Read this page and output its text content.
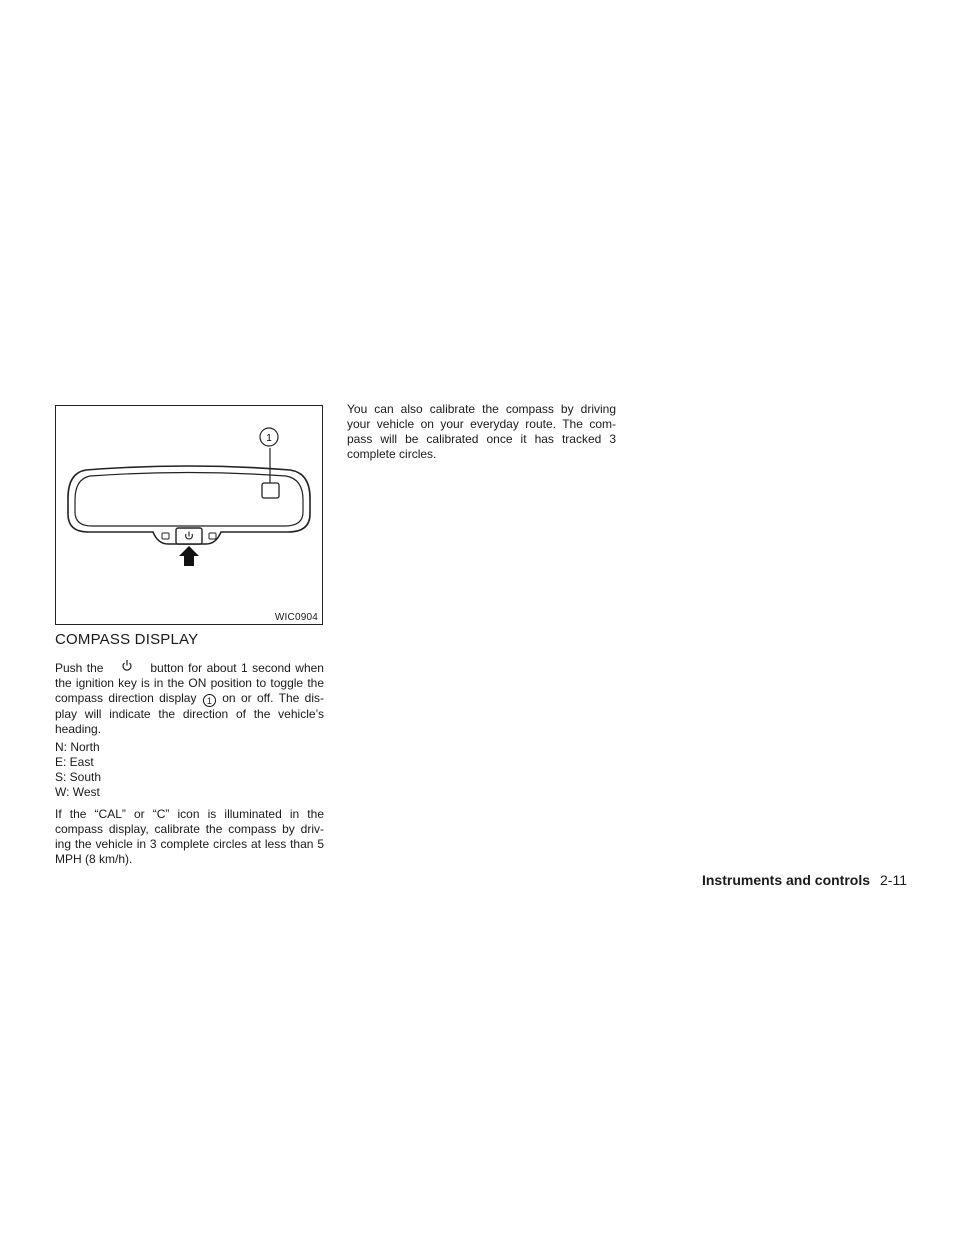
1
WIC0904
COMPASS DISPLAY

Push the	button for about 1 second when the ignition key is in the ON position to toggle the compass direction display 1 on or off. The dis-play will indicate the direction of the vehicle’s heading.

N: North
E: East
S: South
W: West

If the “CAL” or “C” icon is illuminated in the compass display, calibrate the compass by driv-ing the vehicle in 3 complete circles at less than 5 MPH (8 km/h).

You can also calibrate the compass by driving your vehicle on your everyday route. The com-pass will be calibrated once it has tracked 3 complete circles.

Instruments and controls 2-11
